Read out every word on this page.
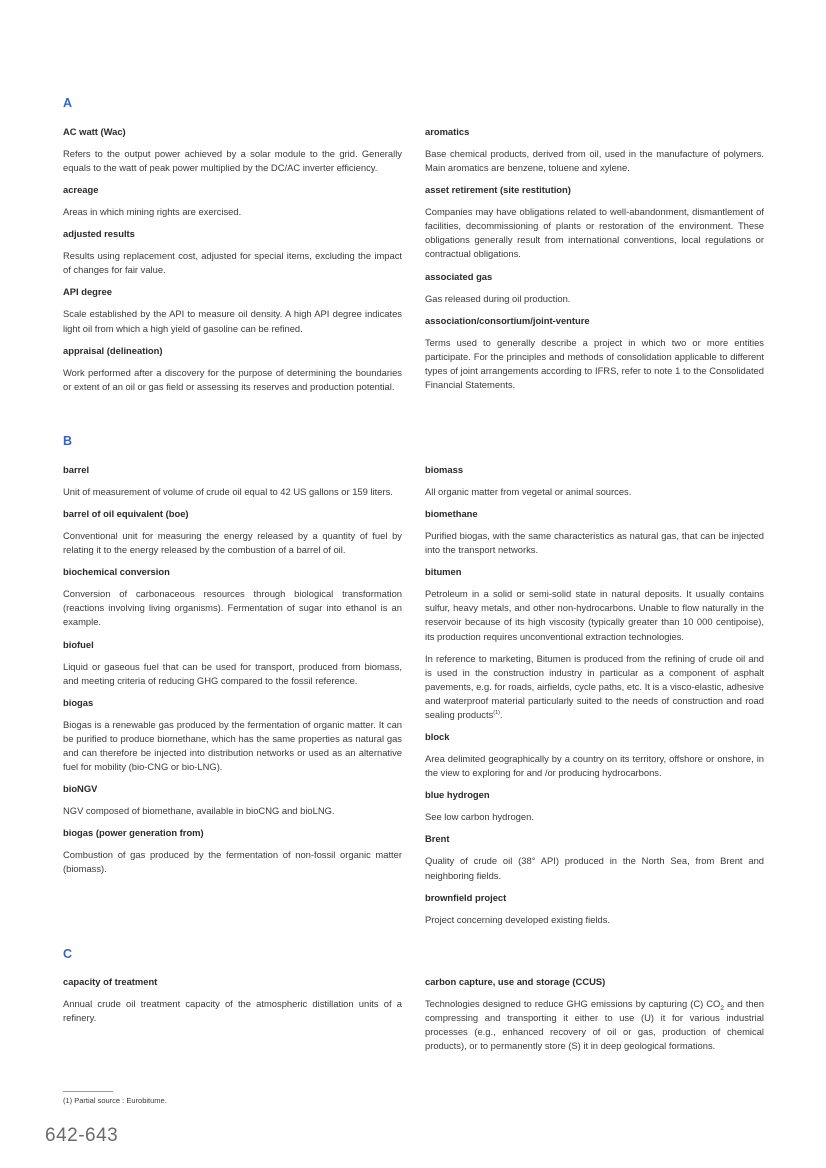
A

AC watt (Wac)

Refers to the output power achieved by a solar module to the grid. Generally equals to the watt of peak power multiplied by the DC/AC inverter efficiency.

acreage

Areas in which mining rights are exercised.

adjusted results

Results using replacement cost, adjusted for special items, excluding the impact of changes for fair value.

API degree

Scale established by the API to measure oil density. A high API degree indicates light oil from which a high yield of gasoline can be refined.

appraisal (delineation)

Work performed after a discovery for the purpose of determining the boundaries or extent of an oil or gas field or assessing its reserves and production potential.

aromatics

Base chemical products, derived from oil, used in the manufacture of polymers. Main aromatics are benzene, toluene and xylene.

asset retirement (site restitution)

Companies may have obligations related to well-abandonment, dismantlement of facilities, decommissioning of plants or restoration of the environment. These obligations generally result from international conventions, local regulations or contractual obligations.

associated gas

Gas released during oil production.

association/consortium/joint-venture

Terms used to generally describe a project in which two or more entities participate. For the principles and methods of consolidation applicable to different types of joint arrangements according to IFRS, refer to note 1 to the Consolidated Financial Statements.

B

barrel

Unit of measurement of volume of crude oil equal to 42 US gallons or 159 liters.

barrel of oil equivalent (boe)

Conventional unit for measuring the energy released by a quantity of fuel by relating it to the energy released by the combustion of a barrel of oil.

biochemical conversion

Conversion of carbonaceous resources through biological transformation (reactions involving living organisms). Fermentation of sugar into ethanol is an example.

biofuel

Liquid or gaseous fuel that can be used for transport, produced from biomass, and meeting criteria of reducing GHG compared to the fossil reference.

biogas

Biogas is a renewable gas produced by the fermentation of organic matter. It can be purified to produce biomethane, which has the same properties as natural gas and can therefore be injected into distribution networks or used as an alternative fuel for mobility (bio-CNG or bio-LNG).

bioNGV

NGV composed of biomethane, available in bioCNG and bioLNG.

biogas (power generation from)

Combustion of gas produced by the fermentation of non-fossil organic matter (biomass).

biomass

All organic matter from vegetal or animal sources.

biomethane

Purified biogas, with the same characteristics as natural gas, that can be injected into the transport networks.

bitumen

Petroleum in a solid or semi-solid state in natural deposits. It usually contains sulfur, heavy metals, and other non-hydrocarbons. Unable to flow naturally in the reservoir because of its high viscosity (typically greater than 10 000 centipoise), its production requires unconventional extraction technologies.

In reference to marketing, Bitumen is produced from the refining of crude oil and is used in the construction industry in particular as a component of asphalt pavements, e.g. for roads, airfields, cycle paths, etc. It is a visco-elastic, adhesive and waterproof material particularly suited to the needs of construction and road sealing products$^{(1)}$.

block

Area delimited geographically by a country on its territory, offshore or onshore, in the view to exploring for and /or producing hydrocarbons.

blue hydrogen

See low carbon hydrogen.

Brent

Quality of crude oil (38° API) produced in the North Sea, from Brent and neighboring fields.

brownfield project

Project concerning developed existing fields.

C

capacity of treatment

Annual crude oil treatment capacity of the atmospheric distillation units of a refinery.

carbon capture, use and storage (CCUS)

Technologies designed to reduce GHG emissions by capturing (C) $CO_2$ and then compressing and transporting it either to use (U) it for various industrial processes (e.g., enhanced recovery of oil or gas, production of chemical products), or to permanently store (S) it in deep geological formations.

(1) Partial source : Eurobitume.
642-643
